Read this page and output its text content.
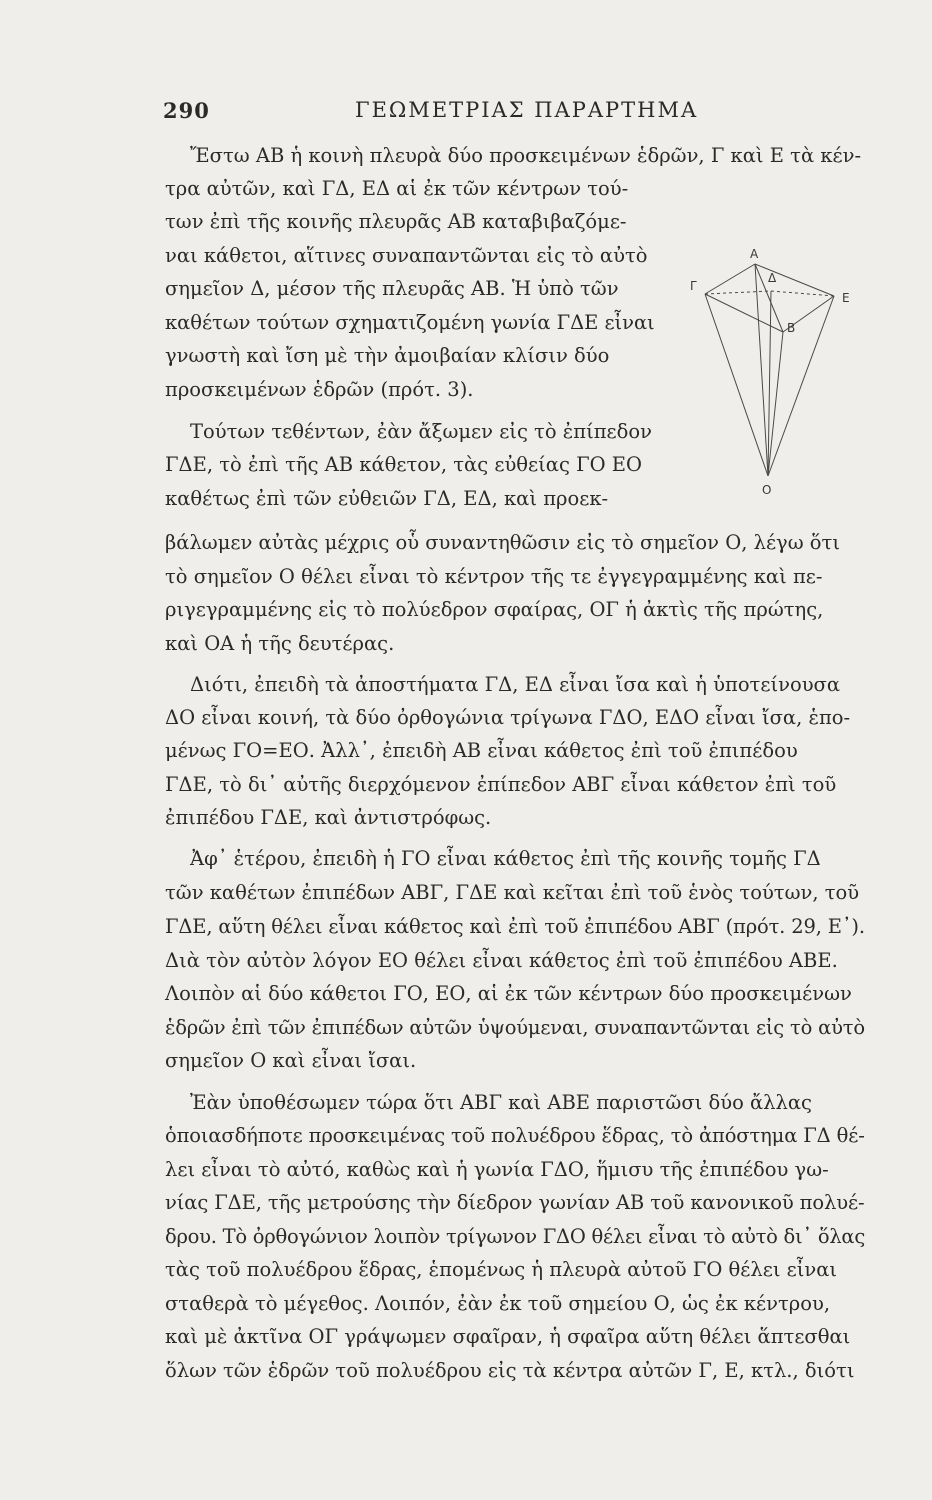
290	ΓΕΩΜΕΤΡΙΑΣ ΠΑΡΑΡΤΗΜΑ
Α
Γ
Δ
Ε
Β
Ο
Ἔστω ΑΒ ἡ κοινὴ πλευρὰ δύο προσκειμένων ἑδρῶν, Γ καὶ Ε τὰ κέν-
τρα αὐτῶν, καὶ ΓΔ, ΕΔ αἱ ἐκ τῶν κέντρων τού-
των ἐπὶ τῆς κοινῆς πλευρᾶς ΑΒ καταβιβαζόμε-
ναι κάθετοι, αἵτινες συναπαντῶνται εἰς τὸ αὐτὸ
σημεῖον Δ, μέσον τῆς πλευρᾶς ΑΒ. Ἡ ὑπὸ τῶν
καθέτων τούτων σχηματιζομένη γωνία ΓΔΕ εἶναι
γνωστὴ καὶ ἴση μὲ τὴν ἀμοιβαίαν κλίσιν δύο
προσκειμένων ἑδρῶν (πρότ. 3).
Τούτων τεθέντων, ἐὰν ἄξωμεν εἰς τὸ ἐπίπεδον
ΓΔΕ, τὸ ἐπὶ τῆς ΑΒ κάθετον, τὰς εὐθείας ΓΟ ΕΟ
καθέτως ἐπὶ τῶν εὐθειῶν ΓΔ, ΕΔ, καὶ προεκ-
βάλωμεν αὐτὰς μέχρις οὗ συναντηθῶσιν εἰς τὸ σημεῖον Ο, λέγω ὅτι
τὸ σημεῖον Ο θέλει εἶναι τὸ κέντρον τῆς τε ἐγγεγραμμένης καὶ πε-
ριγεγραμμένης εἰς τὸ πολύεδρον σφαίρας, ΟΓ ἡ ἀκτὶς τῆς πρώτης,
καὶ ΟΑ ἡ τῆς δευτέρας.
Διότι, ἐπειδὴ τὰ ἀποστήματα ΓΔ, ΕΔ εἶναι ἴσα καὶ ἡ ὑποτείνουσα
ΔΟ εἶναι κοινή, τὰ δύο ὀρθογώνια τρίγωνα ΓΔΟ, ΕΔΟ εἶναι ἴσα, ἑπο-
μένως ΓΟ=ΕΟ. Ἀλλ᾽, ἐπειδὴ ΑΒ εἶναι κάθετος ἐπὶ τοῦ ἐπιπέδου
ΓΔΕ, τὸ δι᾽ αὐτῆς διερχόμενον ἐπίπεδον ΑΒΓ εἶναι κάθετον ἐπὶ τοῦ
ἐπιπέδου ΓΔΕ, καὶ ἀντιστρόφως.
Ἀφ᾽ ἑτέρου, ἐπειδὴ ἡ ΓΟ εἶναι κάθετος ἐπὶ τῆς κοινῆς τομῆς ΓΔ
τῶν καθέτων ἐπιπέδων ΑΒΓ, ΓΔΕ καὶ κεῖται ἐπὶ τοῦ ἑνὸς τούτων, τοῦ
ΓΔΕ, αὕτη θέλει εἶναι κάθετος καὶ ἐπὶ τοῦ ἐπιπέδου ΑΒΓ (πρότ. 29, Ε᾽).
Διὰ τὸν αὐτὸν λόγον ΕΟ θέλει εἶναι κάθετος ἐπὶ τοῦ ἐπιπέδου ΑΒΕ.
Λοιπὸν αἱ δύο κάθετοι ΓΟ, ΕΟ, αἱ ἐκ τῶν κέντρων δύο προσκειμένων
ἑδρῶν ἐπὶ τῶν ἐπιπέδων αὐτῶν ὑψούμεναι, συναπαντῶνται εἰς τὸ αὐτὸ
σημεῖον Ο καὶ εἶναι ἴσαι.
Ἐὰν ὑποθέσωμεν τώρα ὅτι ΑΒΓ καὶ ΑΒΕ παριστῶσι δύο ἄλλας
ὁποιασδήποτε προσκειμένας τοῦ πολυέδρου ἕδρας, τὸ ἀπόστημα ΓΔ θέ-
λει εἶναι τὸ αὐτό, καθὼς καὶ ἡ γωνία ΓΔΟ, ἥμισυ τῆς ἐπιπέδου γω-
νίας ΓΔΕ, τῆς μετρούσης τὴν δίεδρον γωνίαν ΑΒ τοῦ κανονικοῦ πολυέ-
δρου. Τὸ ὀρθογώνιον λοιπὸν τρίγωνον ΓΔΟ θέλει εἶναι τὸ αὐτὸ δι᾽ ὅλας
τὰς τοῦ πολυέδρου ἕδρας, ἑπομένως ἡ πλευρὰ αὐτοῦ ΓΟ θέλει εἶναι
σταθερὰ τὸ μέγεθος. Λοιπόν, ἐὰν ἐκ τοῦ σημείου Ο, ὡς ἐκ κέντρου,
καὶ μὲ ἀκτῖνα ΟΓ γράψωμεν σφαῖραν, ἡ σφαῖρα αὕτη θέλει ἅπτεσθαι
ὅλων τῶν ἑδρῶν τοῦ πολυέδρου εἰς τὰ κέντρα αὐτῶν Γ, Ε, κτλ., διότι
